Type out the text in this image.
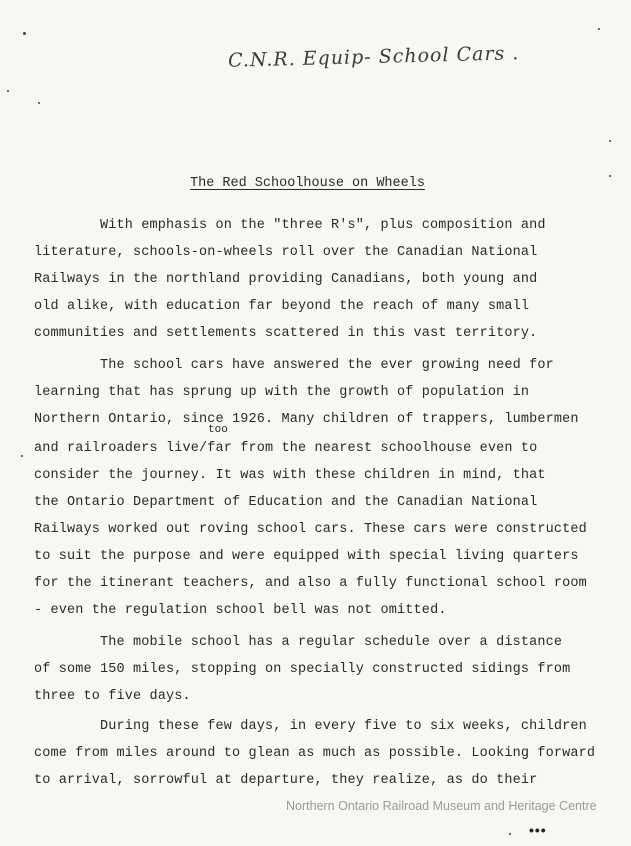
C.N.R. Equip- School Cars .
The Red Schoolhouse on Wheels
With emphasis on the "three R's", plus composition and
literature, schools-on-wheels roll over the Canadian National
Railways in the northland providing Canadians, both young and
old alike, with education far beyond the reach of many small
communities and settlements scattered in this vast territory.
The school cars have answered the ever growing need for
learning that has sprung up with the growth of population in
Northern Ontario, since 1926. Many children of trappers, lumbermen
too
and railroaders live/far from the nearest schoolhouse even to
consider the journey. It was with these children in mind, that
the Ontario Department of Education and the Canadian National
Railways worked out roving school cars. These cars were constructed
to suit the purpose and were equipped with special living quarters
for the itinerant teachers, and also a fully functional school room
- even the regulation school bell was not omitted.
The mobile school has a regular schedule over a distance
of some 150 miles, stopping on specially constructed sidings from
three to five days.
During these few days, in every five to six weeks, children
come from miles around to glean as much as possible. Looking forward
to arrival, sorrowful at departure, they realize, as do their
Northern Ontario Railroad Museum and Heritage Centre
•••
